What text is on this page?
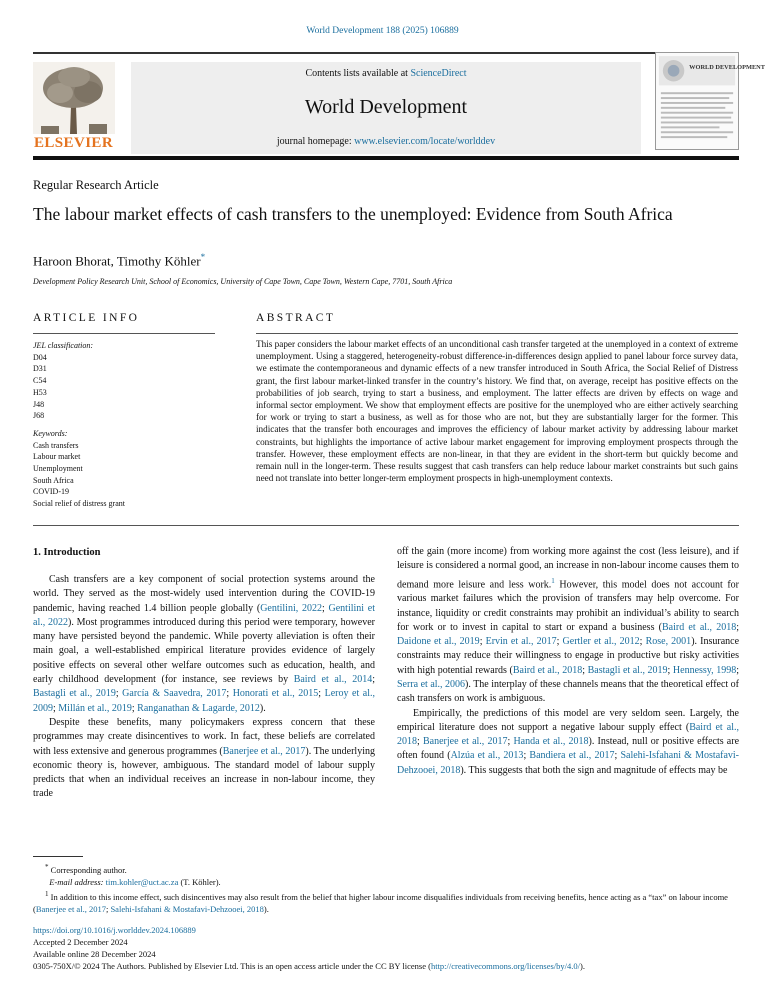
World Development 188 (2025) 106889
ELSEVIER
Contents lists available at ScienceDirect
World Development
journal homepage: www.elsevier.com/locate/worlddev
WORLD DEVELOPMENT
Regular Research Article
The labour market effects of cash transfers to the unemployed: Evidence from South Africa
Haroon Bhorat, Timothy Köhler*
Development Policy Research Unit, School of Economics, University of Cape Town, Cape Town, Western Cape, 7701, South Africa
ARTICLE INFO	ABSTRACT
JEL classification:
D04
D31
C54
H53
J48
J68
Keywords:
Cash transfers
Labour market
Unemployment
South Africa
COVID-19
Social relief of distress grant

This paper considers the labour market effects of an unconditional cash transfer targeted at the unemployed in a context of extreme unemployment. Using a staggered, heterogeneity-robust difference-in-differences design applied to panel labour force survey data, we estimate the contemporaneous and dynamic effects of a new transfer introduced in South Africa, the Social Relief of Distress grant, the first labour market-linked transfer in the country’s history. We find that, on average, receipt has positive effects on the probabilities of job search, trying to start a business, and employment. The latter effects are driven by effects on wage and informal sector employment. We show that employment effects are positive for the unemployed who are either actively searching for work or trying to start a business, as well as for those who are not, but they are substantially larger for the former. This indicates that the transfer both encourages and improves the efficiency of labour market activity by addressing labour market constraints, but highlights the importance of active labour market engagement for improving employment prospects through the transfer. However, these employment effects are non-linear, in that they are evident in the short-term but quickly become and remain null in the longer-term. These results suggest that cash transfers can help reduce labour market constraints but such gains need not translate into better longer-term employment prospects in high-unemployment contexts.

1. Introduction

Cash transfers are a key component of social protection systems around the world. They served as the most-widely used intervention during the COVID-19 pandemic, having reached 1.4 billion people globally (Gentilini, 2022; Gentilini et al., 2022). Most programmes introduced during this period were temporary, however many have persisted beyond the pandemic. While poverty alleviation is often their main goal, a well-established empirical literature provides evidence of largely positive effects on several other welfare outcomes such as education, health, and early childhood development (for instance, see reviews by Baird et al., 2014; Bastagli et al., 2019; García & Saavedra, 2017; Honorati et al., 2015; Leroy et al., 2009; Millán et al., 2019; Ranganathan & Lagarde, 2012).

Despite these benefits, many policymakers express concern that these programmes may create disincentives to work. In fact, these beliefs are correlated with less extensive and generous programmes (Banerjee et al., 2017). The underlying economic theory is, however, ambiguous. The standard model of labour supply predicts that when an individual receives an increase in non-labour income, they trade

off the gain (more income) from working more against the cost (less leisure), and if leisure is considered a normal good, an increase in non-labour income causes them to demand more leisure and less work.$^1$ However, this model does not account for various market failures which the provision of transfers may help overcome. For instance, liquidity or credit constraints may prohibit an individual’s ability to search for work or to invest in capital to start or expand a business (Baird et al., 2018; Daidone et al., 2019; Ervin et al., 2017; Gertler et al., 2012; Rose, 2001). Insurance constraints may reduce their willingness to engage in productive but risky activities with high potential rewards (Baird et al., 2018; Bastagli et al., 2019; Hennessy, 1998; Serra et al., 2006). The interplay of these channels means that the theoretical effect of cash transfers on work is ambiguous.

Empirically, the predictions of this model are very seldom seen. Largely, the empirical literature does not support a negative labour supply effect (Baird et al., 2018; Banerjee et al., 2017; Handa et al., 2018). Instead, null or positive effects are often found (Alzúa et al., 2013; Bandiera et al., 2017; Salehi-Isfahani & Mostafavi-Dehzooei, 2018). This suggests that both the sign and magnitude of effects may be

* Corresponding author.
E-mail address: tim.kohler@uct.ac.za (T. Köhler).
$^1$ In addition to this income effect, such disincentives may also result from the belief that higher labour income disqualifies individuals from receiving benefits, hence acting as a “tax” on labour income (Banerjee et al., 2017; Salehi-Isfahani & Mostafavi-Dehzooei, 2018).
https://doi.org/10.1016/j.worlddev.2024.106889
Accepted 2 December 2024
Available online 28 December 2024
0305-750X/© 2024 The Authors. Published by Elsevier Ltd. This is an open access article under the CC BY license (http://creativecommons.org/licenses/by/4.0/).
